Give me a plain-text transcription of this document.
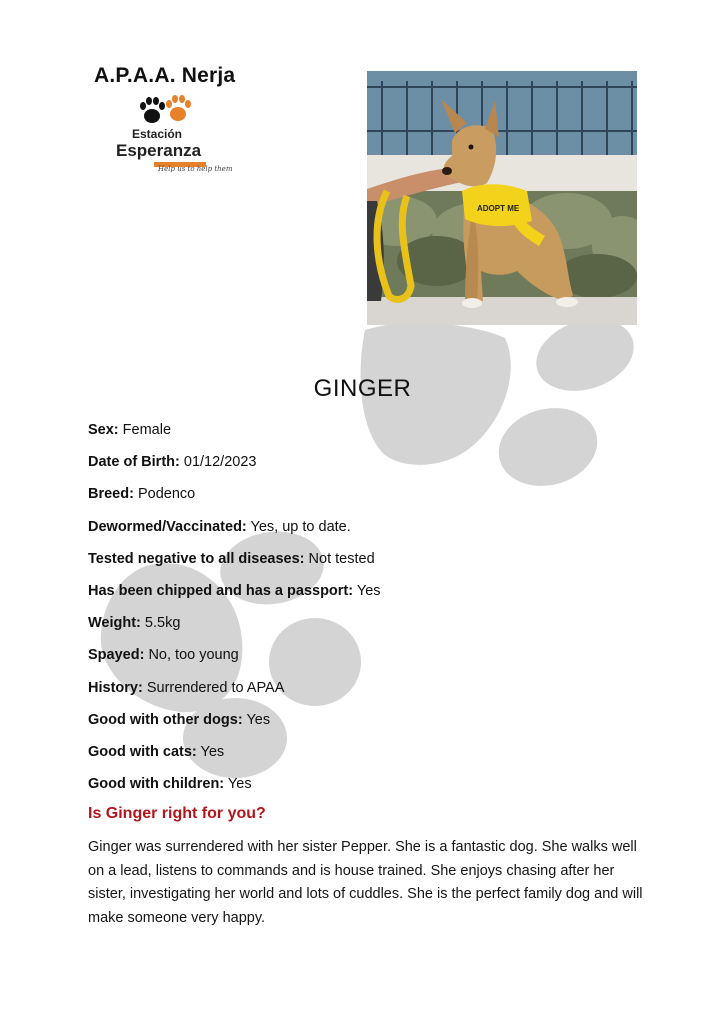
A.P.A.A. Nerja
Estación
Esperanza
Help us to help them
ADOPT ME
GINGER
Sex: Female
Date of Birth: 01/12/2023
Breed: Podenco
Dewormed/Vaccinated: Yes, up to date.
Tested negative to all diseases: Not tested
Has been chipped and has a passport: Yes
Weight: 5.5kg
Spayed: No, too young
History: Surrendered to APAA
Good with other dogs: Yes
Good with cats: Yes
Good with children: Yes
Is Ginger right for you?
Ginger was surrendered with her sister Pepper. She is a fantastic dog. She walks well on a lead, listens to commands and is house trained. She enjoys chasing after her sister, investigating her world and lots of cuddles. She is the perfect family dog and will make someone very happy.
